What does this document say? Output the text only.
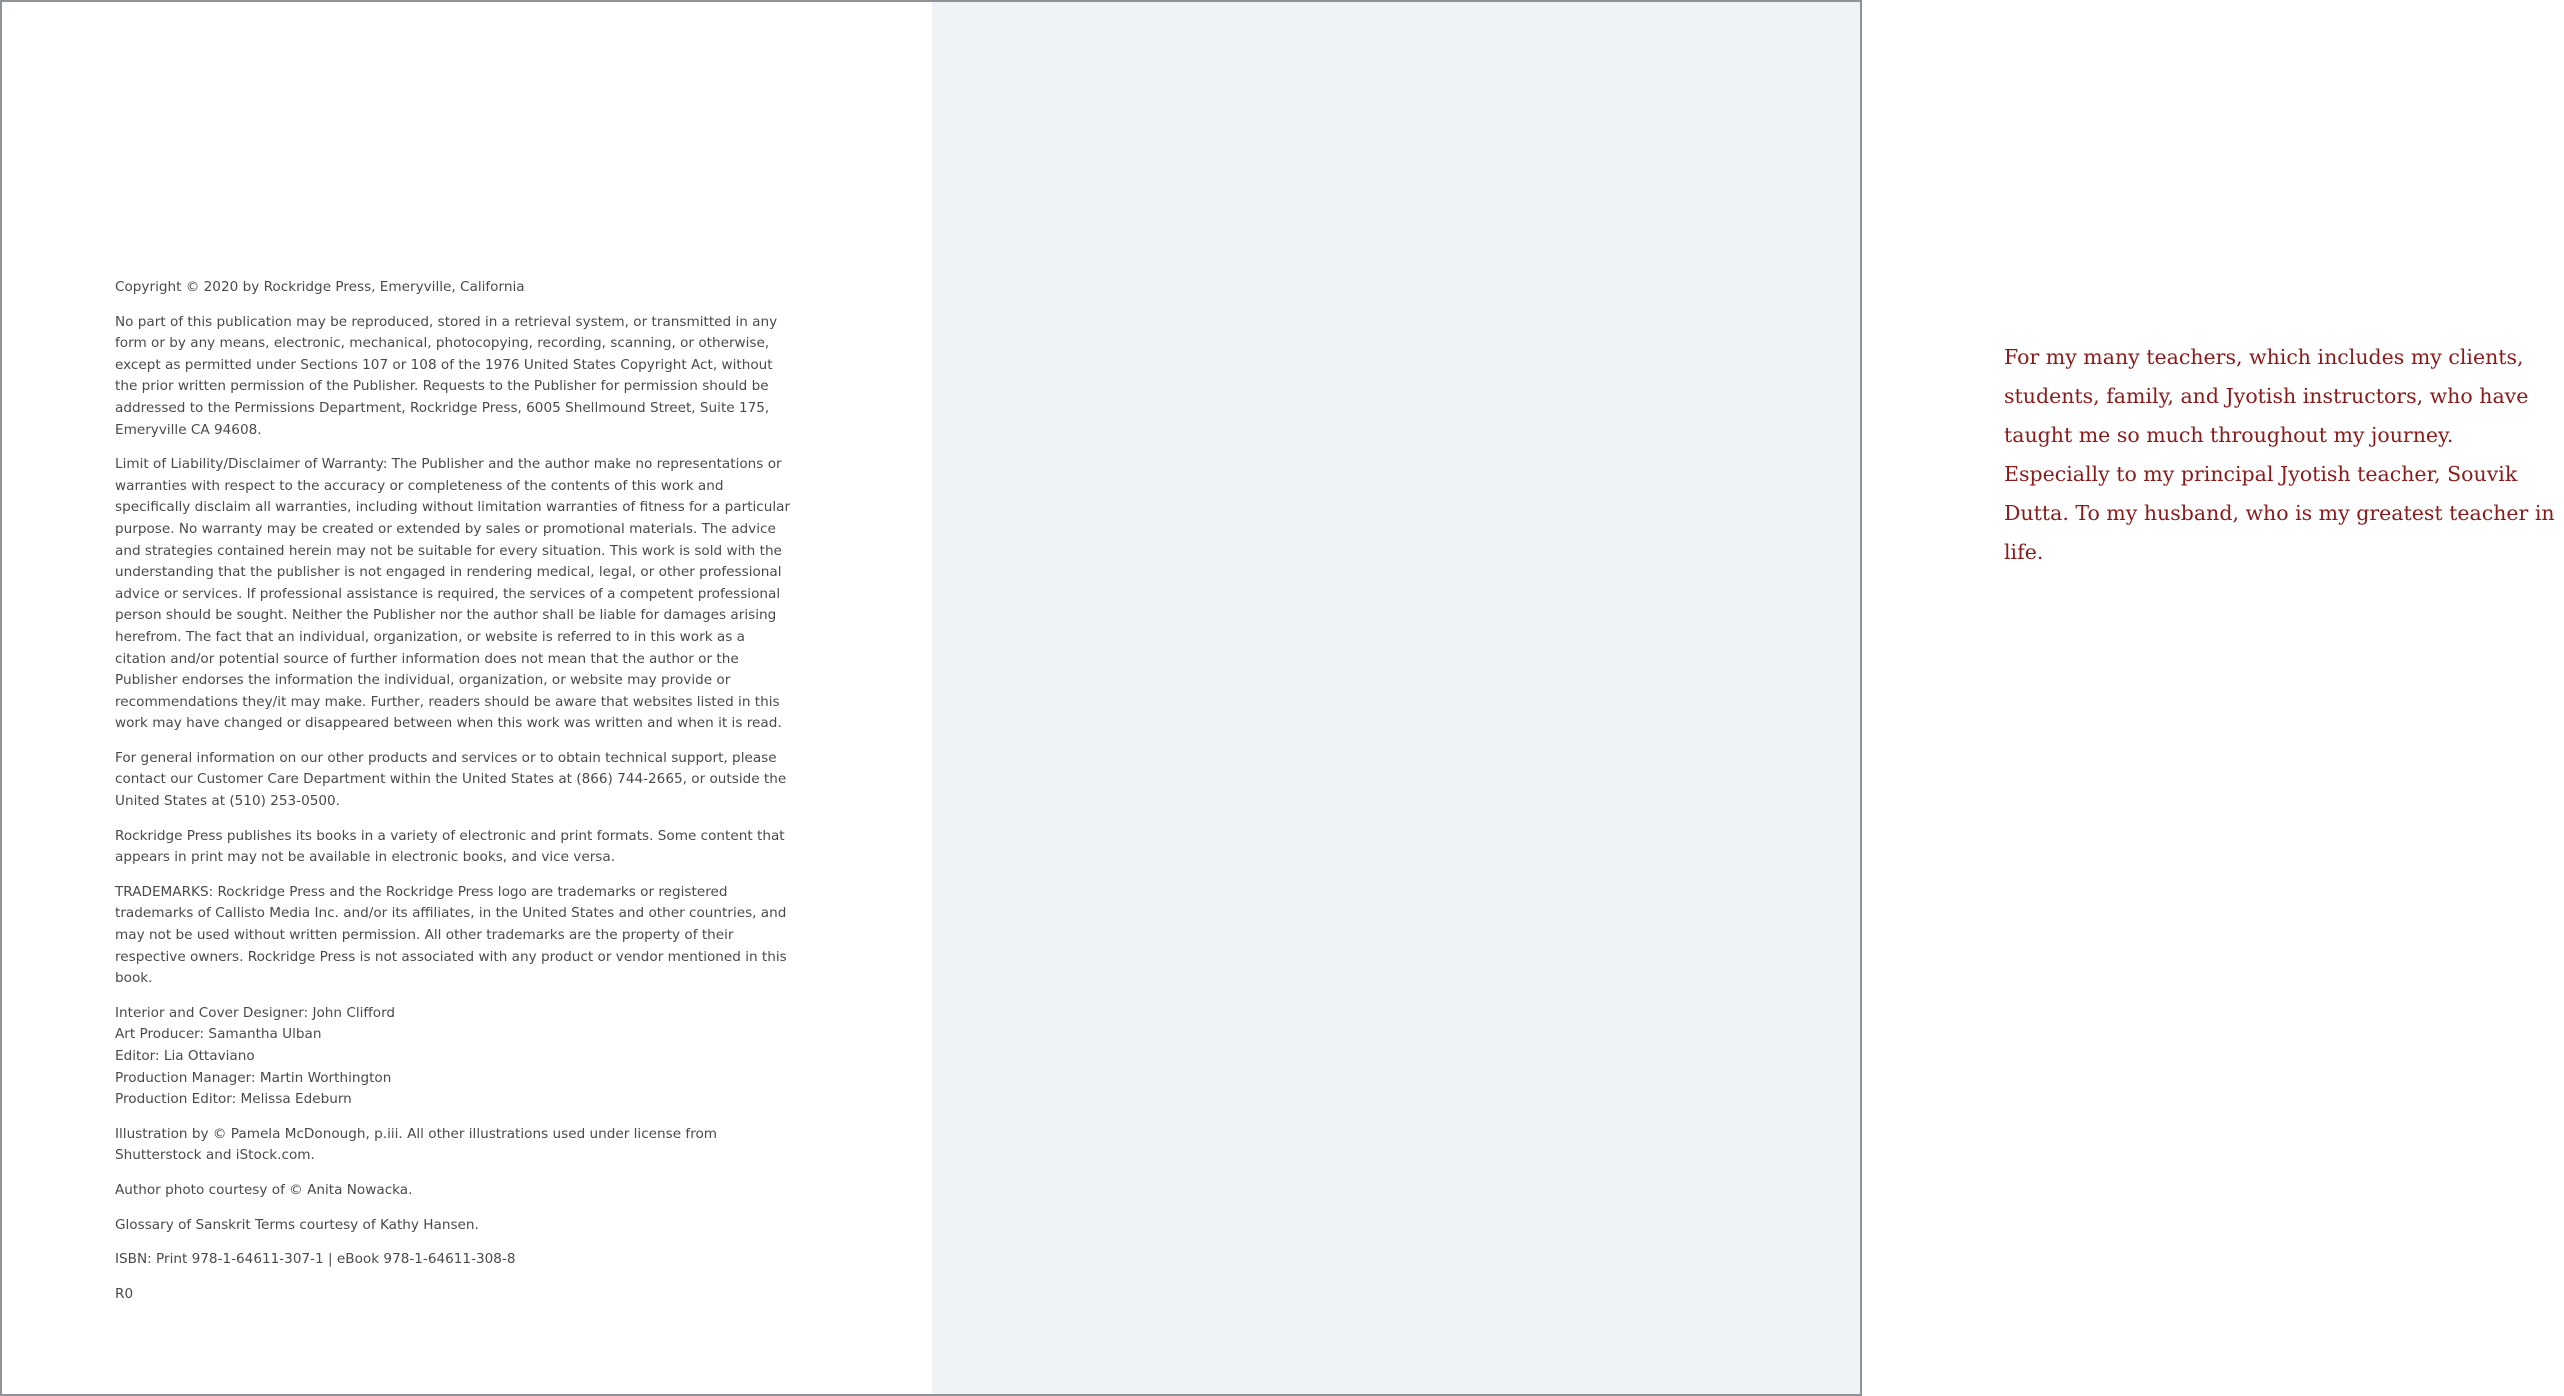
Copyright © 2020 by Rockridge Press, Emeryville, California

No part of this publication may be reproduced, stored in a retrieval system, or transmitted in any form or by any means, electronic, mechanical, photocopying, recording, scanning, or otherwise, except as permitted under Sections 107 or 108 of the 1976 United States Copyright Act, without the prior written permission of the Publisher. Requests to the Publisher for permission should be addressed to the Permissions Department, Rockridge Press, 6005 Shellmound Street, Suite 175, Emeryville CA 94608.

Limit of Liability/Disclaimer of Warranty: The Publisher and the author make no representations or warranties with respect to the accuracy or completeness of the contents of this work and specifically disclaim all warranties, including without limitation warranties of fitness for a particular purpose. No warranty may be created or extended by sales or promotional materials. The advice and strategies contained herein may not be suitable for every situation. This work is sold with the understanding that the publisher is not engaged in rendering medical, legal, or other professional advice or services. If professional assistance is required, the services of a competent professional person should be sought. Neither the Publisher nor the author shall be liable for damages arising herefrom. The fact that an individual, organization, or website is referred to in this work as a citation and/or potential source of further information does not mean that the author or the Publisher endorses the information the individual, organization, or website may provide or recommendations they/it may make. Further, readers should be aware that websites listed in this work may have changed or disappeared between when this work was written and when it is read.

For general information on our other products and services or to obtain technical support, please contact our Customer Care Department within the United States at (866) 744-2665, or outside the United States at (510) 253-0500.

Rockridge Press publishes its books in a variety of electronic and print formats. Some content that appears in print may not be available in electronic books, and vice versa.

TRADEMARKS: Rockridge Press and the Rockridge Press logo are trademarks or registered trademarks of Callisto Media Inc. and/or its affiliates, in the United States and other countries, and may not be used without written permission. All other trademarks are the property of their respective owners. Rockridge Press is not associated with any product or vendor mentioned in this book.

Interior and Cover Designer: John Clifford
Art Producer: Samantha Ulban
Editor: Lia Ottaviano
Production Manager: Martin Worthington
Production Editor: Melissa Edeburn

Illustration by © Pamela McDonough, p.iii. All other illustrations used under license from Shutterstock and iStock.com.

Author photo courtesy of © Anita Nowacka.

Glossary of Sanskrit Terms courtesy of Kathy Hansen.

ISBN: Print 978-1-64611-307-1 | eBook 978-1-64611-308-8

R0

For my many teachers, which includes my clients, students, family, and Jyotish instructors, who have taught me so much throughout my journey. Especially to my principal Jyotish teacher, Souvik Dutta. To my husband, who is my greatest teacher in life.
